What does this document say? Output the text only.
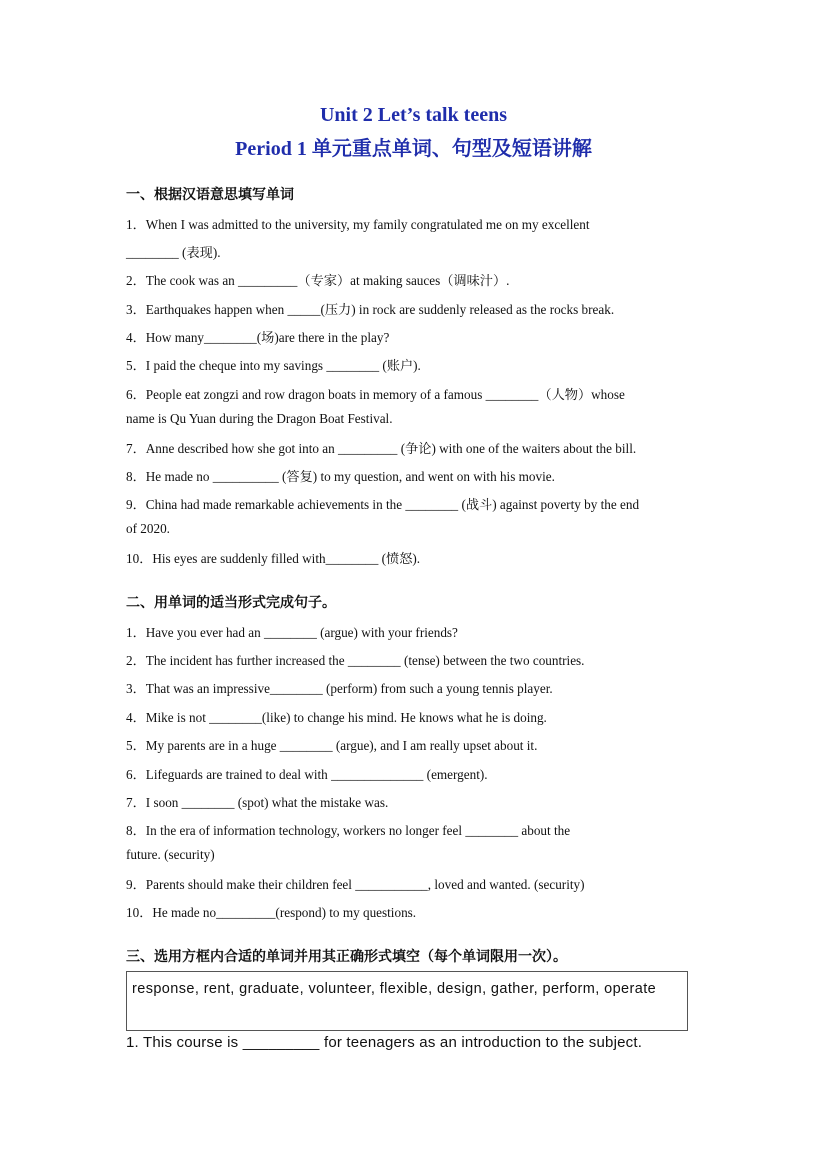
Unit 2 Let’s talk teens
Period 1 单元重点单词、句型及短语讲解
一、根据汉语意思填写单词
1．When I was admitted to the university, my family congratulated me on my excellent
________ (表现).
2．The cook was an _________（专家）at making sauces（调味汁）.
3．Earthquakes happen when _____(压力) in rock are suddenly released as the rocks break.
4．How many________(场)are there in the play?
5．I paid the cheque into my savings ________ (账户).
6．People eat zongzi and row dragon boats in memory of a famous ________（人物）whose
name is Qu Yuan during the Dragon Boat Festival.
7．Anne described how she got into an _________ (争论) with one of the waiters about the bill.
8．He made no __________ (答复) to my question, and went on with his movie.
9．China had made remarkable achievements in the ________ (战斗) against poverty by the end
of 2020.
10．His eyes are suddenly filled with________ (愤怒).
二、用单词的适当形式完成句子。
1．Have you ever had an ________ (argue) with your friends?
2．The incident has further increased the ________ (tense) between the two countries.
3．That was an impressive________ (perform) from such a young tennis player.
4．Mike is not ________(like) to change his mind. He knows what he is doing.
5．My parents are in a huge ________ (argue), and I am really upset about it.
6．Lifeguards are trained to deal with ______________ (emergent).
7．I soon ________ (spot) what the mistake was.
8．In the era of information technology, workers no longer feel ________ about the
future. (security)
9．Parents should make their children feel ___________, loved and wanted. (security)
10．He made no_________(respond) to my questions.
三、选用方框内合适的单词并用其正确形式填空（每个单词限用一次）。
response, rent, graduate, volunteer, flexible, design, gather, perform, operate
1. This course is _________ for teenagers as an introduction to the subject.
